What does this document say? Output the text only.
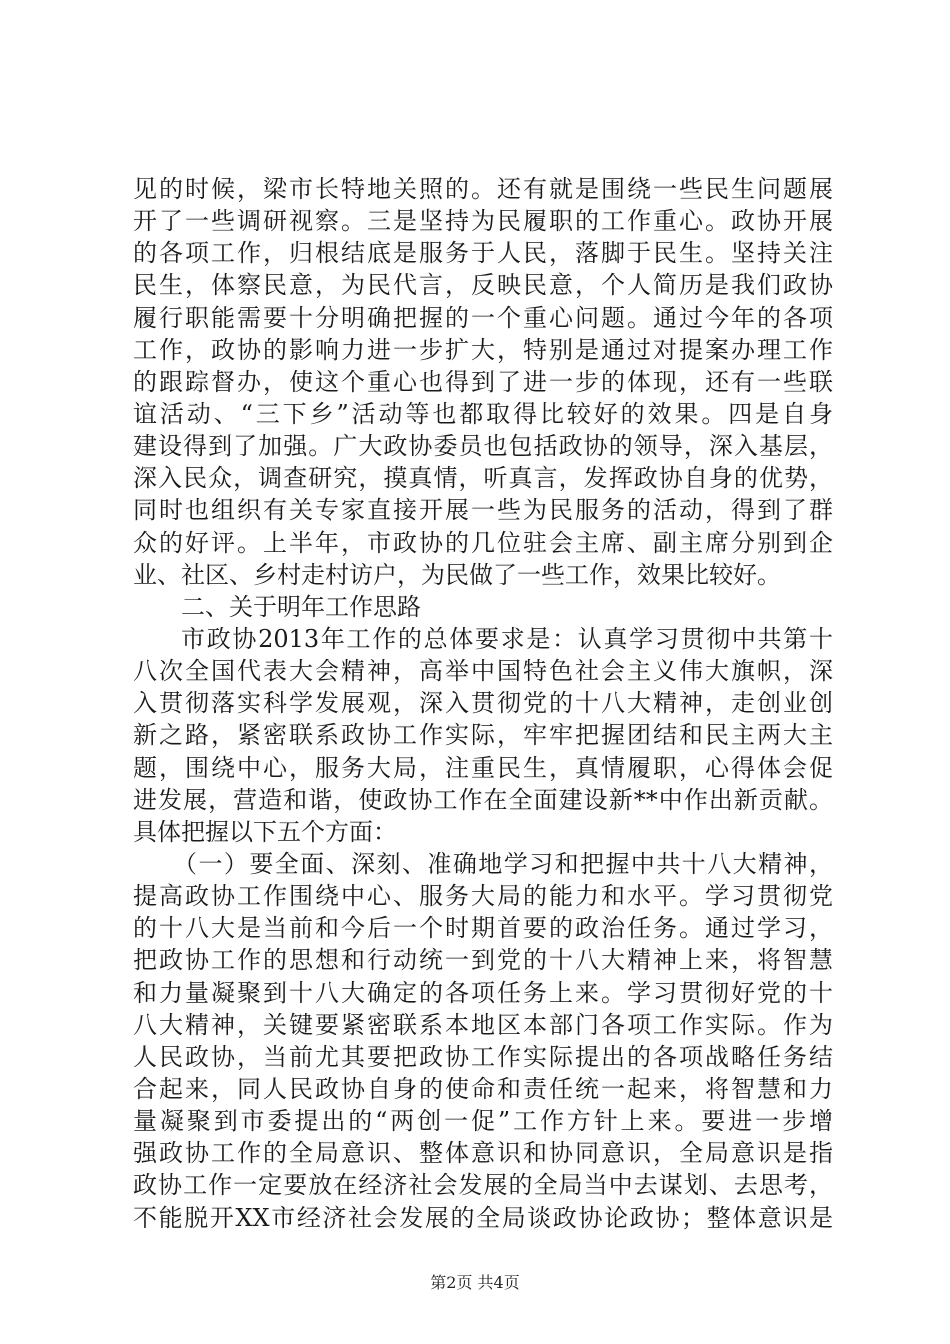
见的时候，梁市长特地关照的。还有就是围绕一些民生问题展
开了一些调研视察。三是坚持为民履职的工作重心。政协开展
的各项工作，归根结底是服务于人民，落脚于民生。坚持关注
民生，体察民意，为民代言，反映民意，个人简历是我们政协
履行职能需要十分明确把握的一个重心问题。通过今年的各项
工作，政协的影响力进一步扩大，特别是通过对提案办理工作
的跟踪督办，使这个重心也得到了进一步的体现，还有一些联
谊活动、“三下乡”活动等也都取得比较好的效果。四是自身
建设得到了加强。广大政协委员也包括政协的领导，深入基层，
深入民众，调查研究，摸真情，听真言，发挥政协自身的优势，
同时也组织有关专家直接开展一些为民服务的活动，得到了群
众的好评。上半年，市政协的几位驻会主席、副主席分别到企
业、社区、乡村走村访户，为民做了一些工作，效果比较好。
二、关于明年工作思路
市政协2013年工作的总体要求是：认真学习贯彻中共第十
八次全国代表大会精神，高举中国特色社会主义伟大旗帜，深
入贯彻落实科学发展观，深入贯彻党的十八大精神，走创业创
新之路，紧密联系政协工作实际，牢牢把握团结和民主两大主
题，围绕中心，服务大局，注重民生，真情履职，心得体会促
进发展，营造和谐，使政协工作在全面建设新**中作出新贡献。
具体把握以下五个方面：
（一）要全面、深刻、准确地学习和把握中共十八大精神，
提高政协工作围绕中心、服务大局的能力和水平。学习贯彻党
的十八大是当前和今后一个时期首要的政治任务。通过学习，
把政协工作的思想和行动统一到党的十八大精神上来，将智慧
和力量凝聚到十八大确定的各项任务上来。学习贯彻好党的十
八大精神，关键要紧密联系本地区本部门各项工作实际。作为
人民政协，当前尤其要把政协工作实际提出的各项战略任务结
合起来，同人民政协自身的使命和责任统一起来，将智慧和力
量凝聚到市委提出的“两创一促”工作方针上来。要进一步增
强政协工作的全局意识、整体意识和协同意识，全局意识是指
政协工作一定要放在经济社会发展的全局当中去谋划、去思考，
不能脱开XX市经济社会发展的全局谈政协论政协；整体意识是
第2页 共4页
